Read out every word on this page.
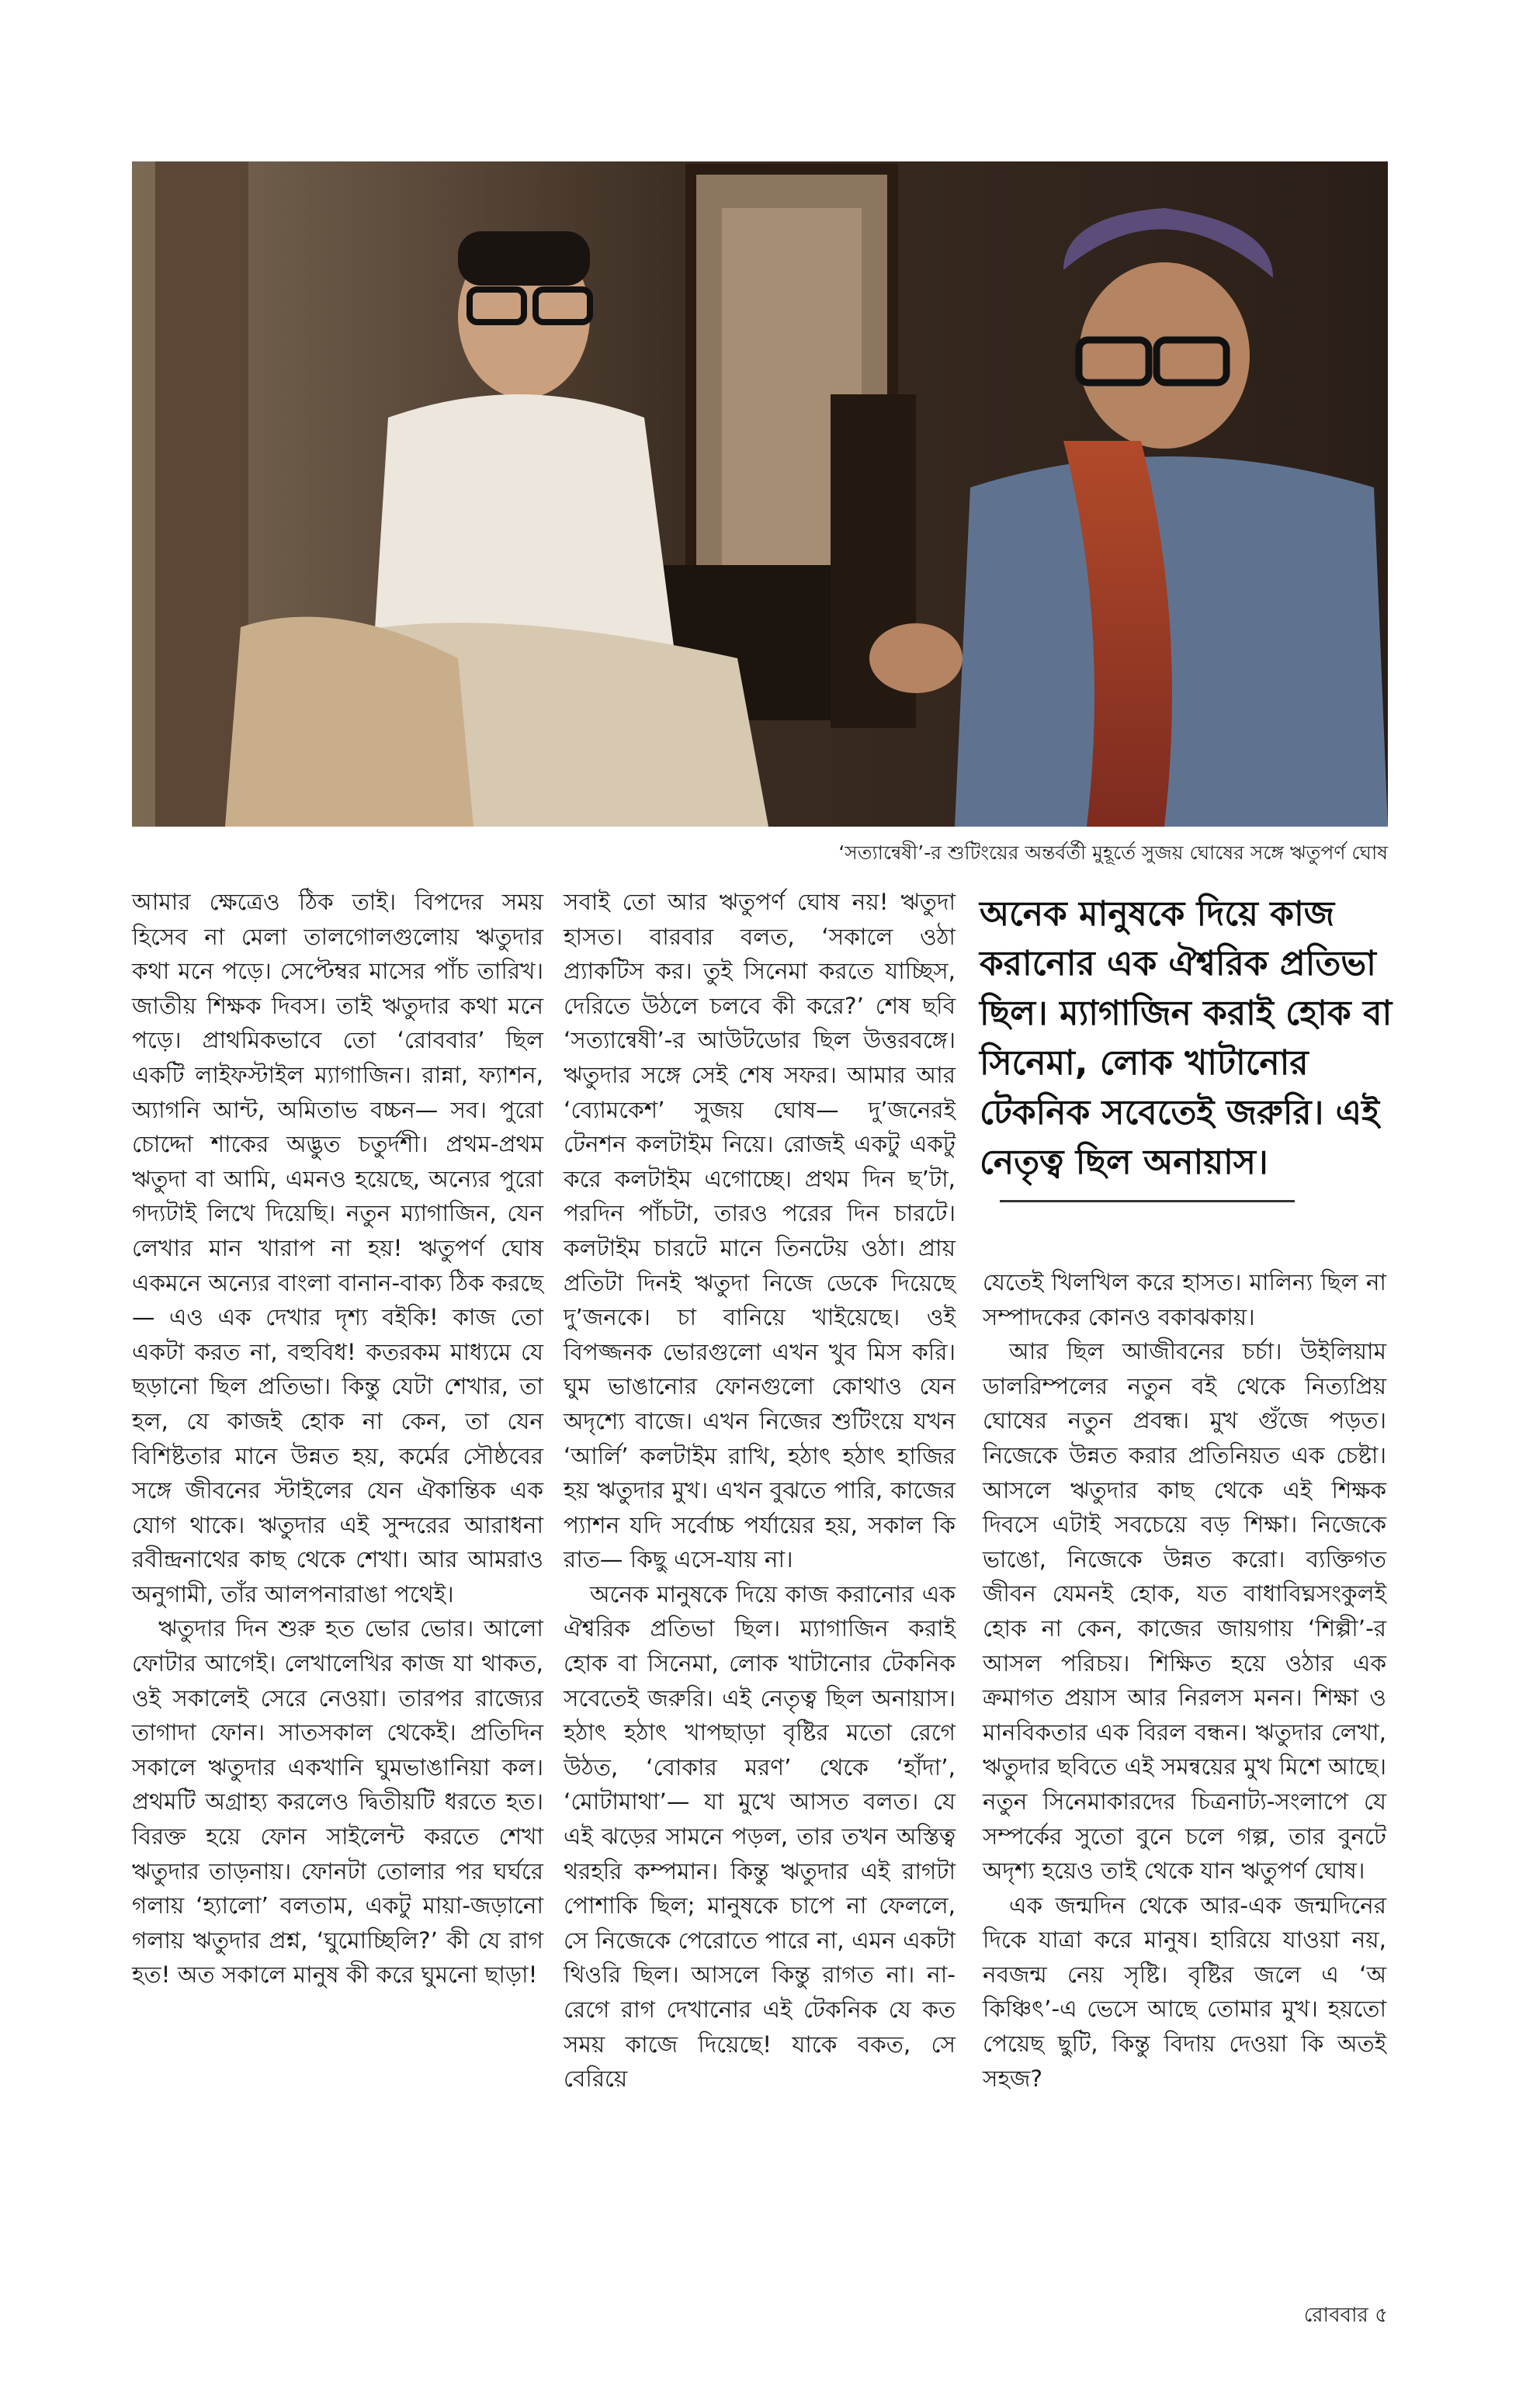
‘সত্যান্বেষী’-র শুটিংয়ের অন্তর্বর্তী মুহূর্তে সুজয় ঘোষের সঙ্গে ঋতুপর্ণ ঘোষ

আমার ক্ষেত্রেও ঠিক তাই। বিপদের সময় হিসেব না মেলা তালগোলগুলোয় ঋতুদার কথা মনে পড়ে। সেপ্টেম্বর মাসের পাঁচ তারিখ। জাতীয় শিক্ষক দিবস। তাই ঋতুদার কথা মনে পড়ে। প্রাথমিকভাবে তো ‘রোববার’ ছিল একটি লাইফস্টাইল ম্যাগাজিন। রান্না, ফ্যাশন, অ্যাগনি আন্ট, অমিতাভ বচ্চন— সব। পুরো চোদ্দো শাকের অদ্ভুত চতুর্দশী। প্রথম-প্রথম ঋতুদা বা আমি, এমনও হয়েছে, অন্যের পুরো গদ্যটাই লিখে দিয়েছি। নতুন ম্যাগাজিন, যেন লেখার মান খারাপ না হয়! ঋতুপর্ণ ঘোষ একমনে অন্যের বাংলা বানান-বাক্য ঠিক করছে— এও এক দেখার দৃশ্য বইকি! কাজ তো একটা করত না, বহুবিধ! কতরকম মাধ্যমে যে ছড়ানো ছিল প্রতিভা। কিন্তু যেটা শেখার, তা হল, যে কাজই হোক না কেন, তা যেন বিশিষ্টতার মানে উন্নত হয়, কর্মের সৌষ্ঠবের সঙ্গে জীবনের স্টাইলের যেন ঐকান্তিক এক যোগ থাকে। ঋতুদার এই সুন্দরের আরাধনা রবীন্দ্রনাথের কাছ থেকে শেখা। আর আমরাও অনুগামী, তাঁর আলপনারাঙা পথেই।

ঋতুদার দিন শুরু হত ভোর ভোর। আলো ফোটার আগেই। লেখালেখির কাজ যা থাকত, ওই সকালেই সেরে নেওয়া। তারপর রাজ্যের তাগাদা ফোন। সাতসকাল থেকেই। প্রতিদিন সকালে ঋতুদার একখানি ঘুমভাঙানিয়া কল। প্রথমটি অগ্রাহ্য করলেও দ্বিতীয়টি ধরতে হত। বিরক্ত হয়ে ফোন সাইলেন্ট করতে শেখা ঋতুদার তাড়নায়। ফোনটা তোলার পর ঘর্ঘরে গলায় ‘হ্যালো’ বলতাম, একটু মায়া-জড়ানো গলায় ঋতুদার প্রশ্ন, ‘ঘুমোচ্ছিলি?’ কী যে রাগ হত! অত সকালে মানুষ কী করে ঘুমনো ছাড়া!

সবাই তো আর ঋতুপর্ণ ঘোষ নয়! ঋতুদা হাসত। বারবার বলত, ‘সকালে ওঠা প্র্যাকটিস কর। তুই সিনেমা করতে যাচ্ছিস, দেরিতে উঠলে চলবে কী করে?’ শেষ ছবি ‘সত্যান্বেষী’-র আউটডোর ছিল উত্তরবঙ্গে। ঋতুদার সঙ্গে সেই শেষ সফর। আমার আর ‘ব্যোমকেশ’ সুজয় ঘোষ— দু’জনেরই টেনশন কলটাইম নিয়ে। রোজই একটু একটু করে কলটাইম এগোচ্ছে। প্রথম দিন ছ’টা, পরদিন পাঁচটা, তারও পরের দিন চারটে। কলটাইম চারটে মানে তিনটেয় ওঠা। প্রায় প্রতিটা দিনই ঋতুদা নিজে ডেকে দিয়েছে দু’জনকে। চা বানিয়ে খাইয়েছে। ওই বিপজ্জনক ভোরগুলো এখন খুব মিস করি। ঘুম ভাঙানোর ফোনগুলো কোথাও যেন অদৃশ্যে বাজে। এখন নিজের শুটিংয়ে যখন ‘আর্লি’ কলটাইম রাখি, হঠাৎ হঠাৎ হাজির হয় ঋতুদার মুখ। এখন বুঝতে পারি, কাজের প্যাশন যদি সর্বোচ্চ পর্যায়ের হয়, সকাল কি রাত— কিছু এসে-যায় না।

অনেক মানুষকে দিয়ে কাজ করানোর এক ঐশ্বরিক প্রতিভা ছিল। ম্যাগাজিন করাই হোক বা সিনেমা, লোক খাটানোর টেকনিক সবেতেই জরুরি। এই নেতৃত্ব ছিল অনায়াস। হঠাৎ হঠাৎ খাপছাড়া বৃষ্টির মতো রেগে উঠত, ‘বোকার মরণ’ থেকে ‘হাঁদা’, ‘মোটামাথা’— যা মুখে আসত বলত। যে এই ঝড়ের সামনে পড়ল, তার তখন অস্তিত্ব থরহরি কম্পমান। কিন্তু ঋতুদার এই রাগটা পোশাকি ছিল; মানুষকে চাপে না ফেললে, সে নিজেকে পেরোতে পারে না, এমন একটা থিওরি ছিল। আসলে কিন্তু রাগত না। না-রেগে রাগ দেখানোর এই টেকনিক যে কত সময় কাজে দিয়েছে! যাকে বকত, সে বেরিয়ে

অনেক মানুষকে দিয়ে কাজ করানোর এক ঐশ্বরিক প্রতিভা ছিল। ম্যাগাজিন করাই হোক বা সিনেমা, লোক খাটানোর টেকনিক সবেতেই জরুরি। এই নেতৃত্ব ছিল অনায়াস।

যেতেই খিলখিল করে হাসত। মালিন্য ছিল না সম্পাদকের কোনও বকাঝকায়।

আর ছিল আজীবনের চর্চা। উইলিয়াম ডালরিম্পলের নতুন বই থেকে নিত্যপ্রিয় ঘোষের নতুন প্রবন্ধ। মুখ গুঁজে পড়ত। নিজেকে উন্নত করার প্রতিনিয়ত এক চেষ্টা। আসলে ঋতুদার কাছ থেকে এই শিক্ষক দিবসে এটাই সবচেয়ে বড় শিক্ষা। নিজেকে ভাঙো, নিজেকে উন্নত করো। ব্যক্তিগত জীবন যেমনই হোক, যত বাধাবিঘ্নসংকুলই হোক না কেন, কাজের জায়গায় ‘শিল্পী’-র আসল পরিচয়। শিক্ষিত হয়ে ওঠার এক ক্রমাগত প্রয়াস আর নিরলস মনন। শিক্ষা ও মানবিকতার এক বিরল বন্ধন। ঋতুদার লেখা, ঋতুদার ছবিতে এই সমন্বয়ের মুখ মিশে আছে। নতুন সিনেমাকারদের চিত্রনাট্য-সংলাপে যে সম্পর্কের সুতো বুনে চলে গল্প, তার বুনটে অদৃশ্য হয়েও তাই থেকে যান ঋতুপর্ণ ঘোষ।

এক জন্মদিন থেকে আর-এক জন্মদিনের দিকে যাত্রা করে মানুষ। হারিয়ে যাওয়া নয়, নবজন্ম নেয় সৃষ্টি। বৃষ্টির জলে এ ‘অ কিঞ্চিৎ’-এ ভেসে আছে তোমার মুখ। হয়তো পেয়েছ ছুটি, কিন্তু বিদায় দেওয়া কি অতই সহজ?

রোববার ৫
